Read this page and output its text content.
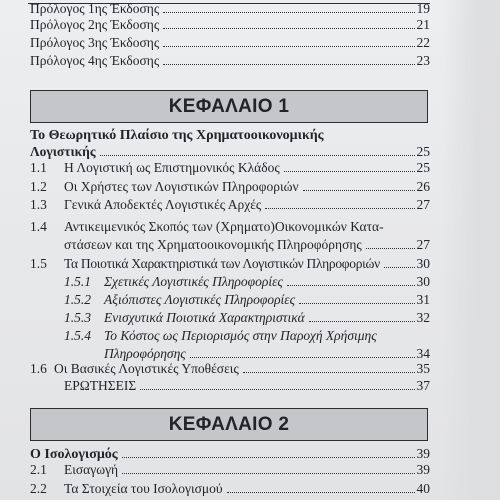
Πρόλογος 1ης Έκδοσης	19
Πρόλογος 2ης Έκδοσης	21
Πρόλογος 3ης Έκδοσης	22
Πρόλογος 4ης Έκδοσης	23
ΚΕΦΑΛΑΙΟ 1
Το Θεωρητικό Πλαίσιο της Χρηματοοικονομικής
Λογιστικής	25
1.1	Η Λογιστική ως Επιστημονικός Κλάδος	25
1.2	Οι Χρήστες των Λογιστικών Πληροφοριών	26
1.3	Γενικά Αποδεκτές Λογιστικές Αρχές	27
1.4	Αντικειμενικός Σκοπός των (Χρηματο)Οικονομικών Κατα-
στάσεων και της Χρηματοοικονομικής Πληροφόρησης	27
1.5	Τα Ποιοτικά Χαρακτηριστικά των Λογιστικών Πληροφοριών	30
1.5.1 Σχετικές Λογιστικές Πληροφορίες	30
1.5.2 Αξιόπιστες Λογιστικές Πληροφορίες	31
1.5.3 Ενισχυτικά Ποιοτικά Χαρακτηριστικά	32
1.5.4 Το Κόστος ως Περιορισμός στην Παροχή Χρήσιμης
Πληροφόρησης	34
1.6 Οι Βασικές Λογιστικές Υποθέσεις	35
ΕΡΩΤΗΣΕΙΣ	37
ΚΕΦΑΛΑΙΟ 2
Ο Ισολογισμός	39
2.1	Εισαγωγή	39
2.2	Τα Στοιχεία του Ισολογισμού	40
